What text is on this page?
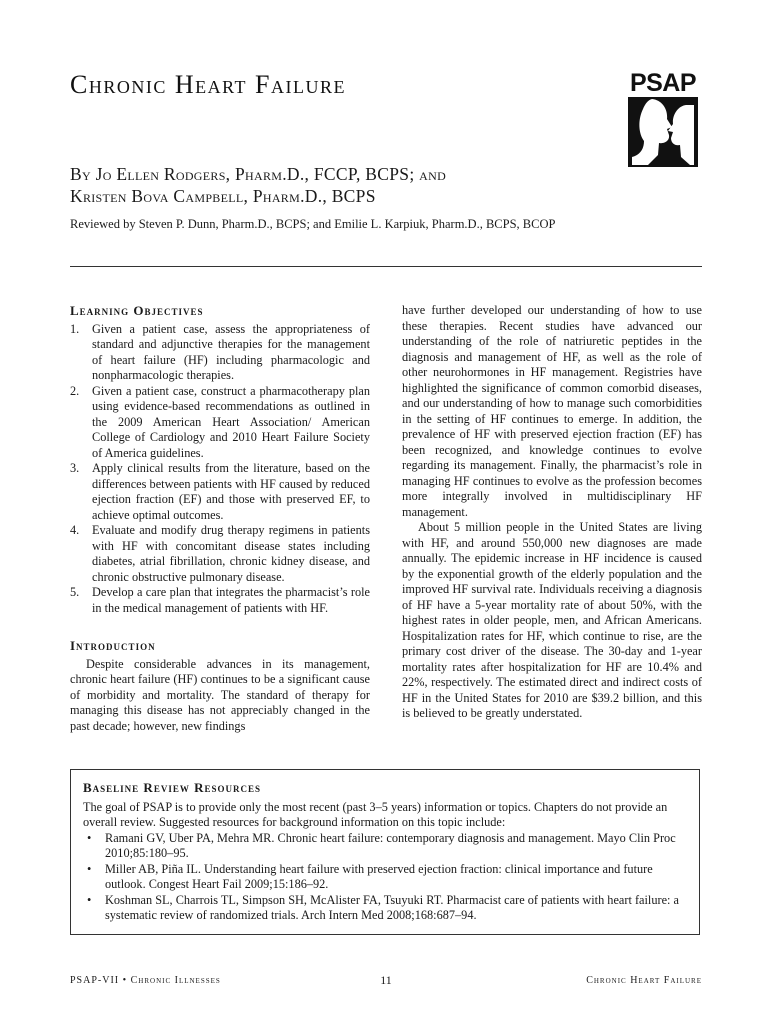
Chronic Heart Failure	PSAP
By Jo Ellen Rodgers, Pharm.D., FCCP, BCPS; and
Kristen Bova Campbell, Pharm.D., BCPS

Reviewed by Steven P. Dunn, Pharm.D., BCPS; and Emilie L. Karpiuk, Pharm.D., BCPS, BCOP

Learning Objectives
1. Given a patient case, assess the appropriateness of standard and adjunctive therapies for the management of heart failure (HF) including pharmacologic and nonpharmacologic therapies.
2. Given a patient case, construct a pharmacotherapy plan using evidence-based recommendations as outlined in the 2009 American Heart Association/ American College of Cardiology and 2010 Heart Failure Society of America guidelines.
3. Apply clinical results from the literature, based on the differences between patients with HF caused by reduced ejection fraction (EF) and those with preserved EF, to achieve optimal outcomes.
4. Evaluate and modify drug therapy regimens in patients with HF with concomitant disease states including diabetes, atrial fibrillation, chronic kidney disease, and chronic obstructive pulmonary disease.
5. Develop a care plan that integrates the pharmacist’s role in the medical management of patients with HF.
Introduction

Despite considerable advances in its management, chronic heart failure (HF) continues to be a significant cause of morbidity and mortality. The standard of therapy for managing this disease has not appreciably changed in the past decade; however, new findings

have further developed our understanding of how to use these therapies. Recent studies have advanced our understanding of the role of natriuretic peptides in the diagnosis and management of HF, as well as the role of other neurohormones in HF management. Registries have highlighted the significance of common comorbid diseases, and our understanding of how to manage such comorbidities in the setting of HF continues to emerge. In addition, the prevalence of HF with preserved ejection fraction (EF) has been recognized, and knowledge continues to evolve regarding its management. Finally, the pharmacist’s role in managing HF continues to evolve as the profession becomes more integrally involved in multidisciplinary HF management.

About 5 million people in the United States are living with HF, and around 550,000 new diagnoses are made annually. The epidemic increase in HF incidence is caused by the exponential growth of the elderly population and the improved HF survival rate. Individuals receiving a diagnosis of HF have a 5-year mortality rate of about 50%, with the highest rates in older people, men, and African Americans. Hospitalization rates for HF, which continue to rise, are the primary cost driver of the disease. The 30-day and 1-year mortality rates after hospitalization for HF are 10.4% and 22%, respectively. The estimated direct and indirect costs of HF in the United States for 2010 are $39.2 billion, and this is believed to be greatly understated.

Baseline Review Resources

The goal of PSAP is to provide only the most recent (past 3–5 years) information or topics. Chapters do not provide an overall review. Suggested resources for background information on this topic include:

• Ramani GV, Uber PA, Mehra MR. Chronic heart failure: contemporary diagnosis and management. Mayo Clin Proc 2010;85:180–95.
• Miller AB, Piña IL. Understanding heart failure with preserved ejection fraction: clinical importance and future outlook. Congest Heart Fail 2009;15:186–92.
• Koshman SL, Charrois TL, Simpson SH, McAlister FA, Tsuyuki RT. Pharmacist care of patients with heart failure: a systematic review of randomized trials. Arch Intern Med 2008;168:687–94.
PSAP-VII • Chronic Illnesses	11	Chronic Heart Failure
